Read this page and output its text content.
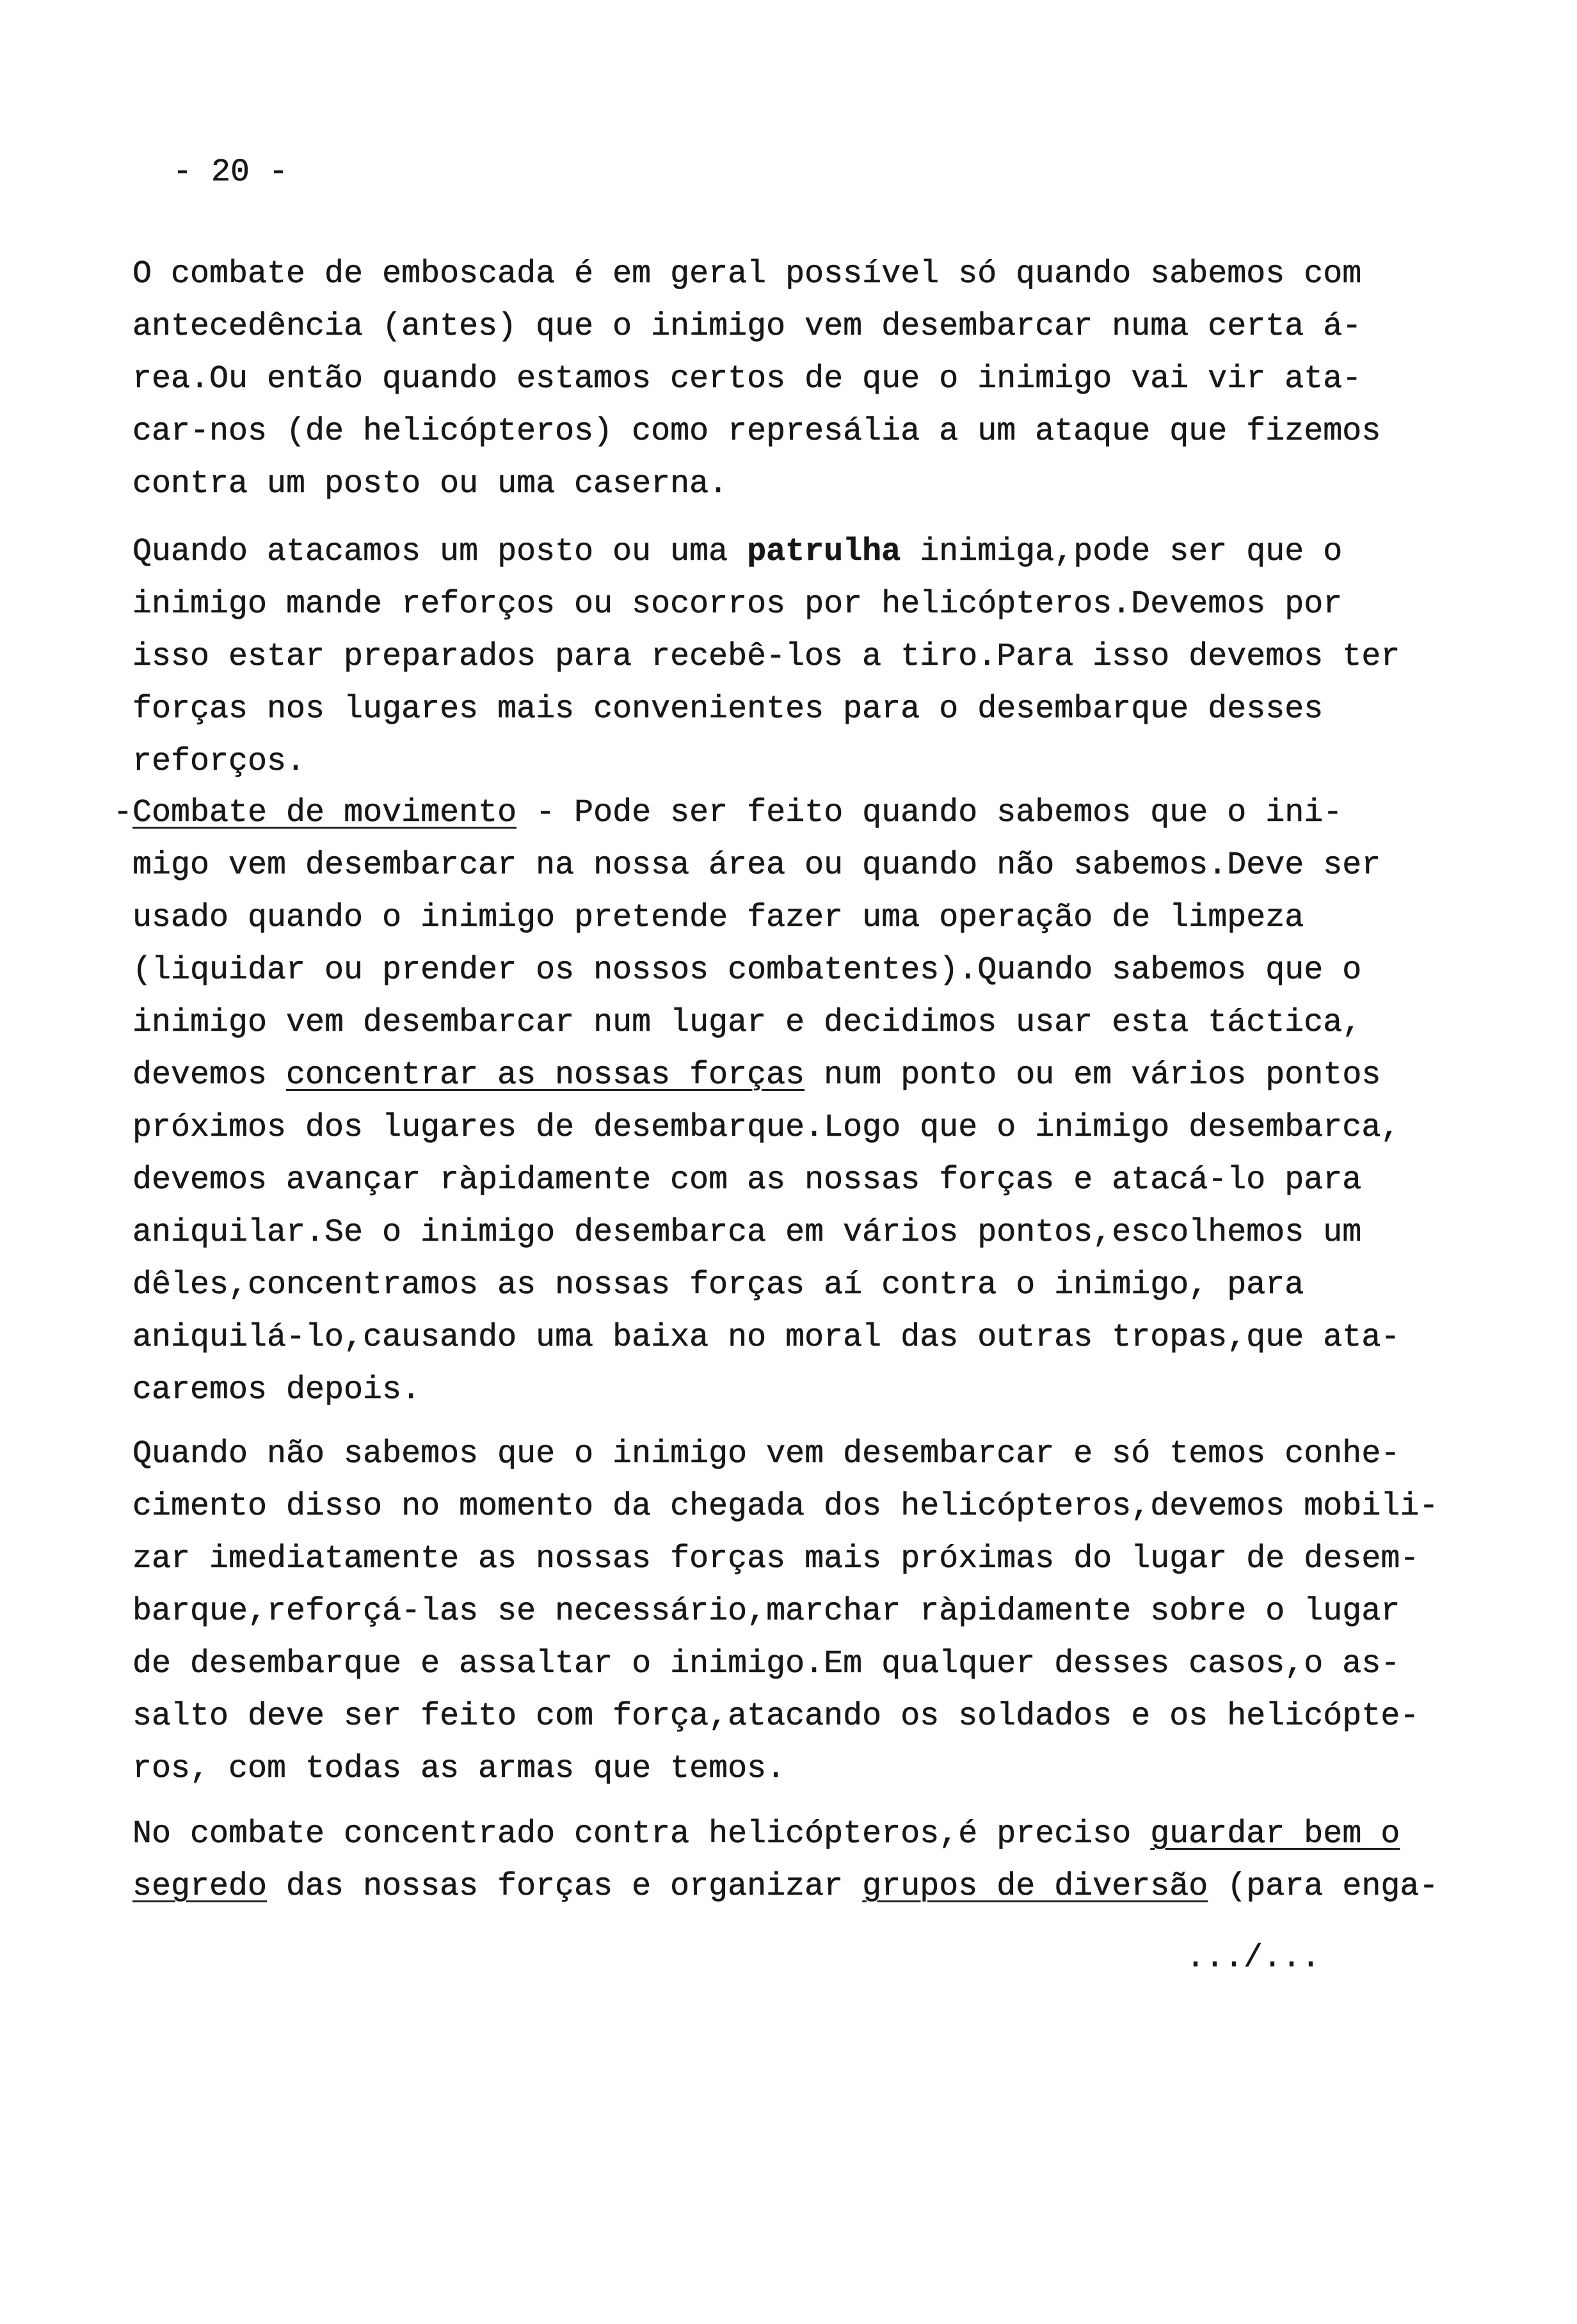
- 20 -
O combate de emboscada é em geral possível só quando sabemos com
antecedência (antes) que o inimigo vem desembarcar numa certa á-
rea.Ou então quando estamos certos de que o inimigo vai vir ata-
car-nos (de helicópteros) como represália a um ataque que fizemos
contra um posto ou uma caserna.
Quando atacamos um posto ou uma patrulha inimiga,pode ser que o
inimigo mande reforços ou socorros por helicópteros.Devemos por
isso estar preparados para recebê-los a tiro.Para isso devemos ter
forças nos lugares mais convenientes para o desembarque desses
reforços.
-Combate de movimento - Pode ser feito quando sabemos que o ini-
migo vem desembarcar na nossa área ou quando não sabemos.Deve ser
usado quando o inimigo pretende fazer uma operação de limpeza
(liquidar ou prender os nossos combatentes).Quando sabemos que o
inimigo vem desembarcar num lugar e decidimos usar esta táctica,
devemos concentrar as nossas forças num ponto ou em vários pontos
próximos dos lugares de desembarque.Logo que o inimigo desembarca,
devemos avançar ràpidamente com as nossas forças e atacá-lo para
aniquilar.Se o inimigo desembarca em vários pontos,escolhemos um
dêles,concentramos as nossas forças aí contra o inimigo, para
aniquilá-lo,causando uma baixa no moral das outras tropas,que ata-
caremos depois.
Quando não sabemos que o inimigo vem desembarcar e só temos conhe-
cimento disso no momento da chegada dos helicópteros,devemos mobili-
zar imediatamente as nossas forças mais próximas do lugar de desem-
barque,reforçá-las se necessário,marchar ràpidamente sobre o lugar
de desembarque e assaltar o inimigo.Em qualquer desses casos,o as-
salto deve ser feito com força,atacando os soldados e os helicópte-
ros, com todas as armas que temos.
No combate concentrado contra helicópteros,é preciso guardar bem o
segredo das nossas forças e organizar grupos de diversão (para enga-
.../...
